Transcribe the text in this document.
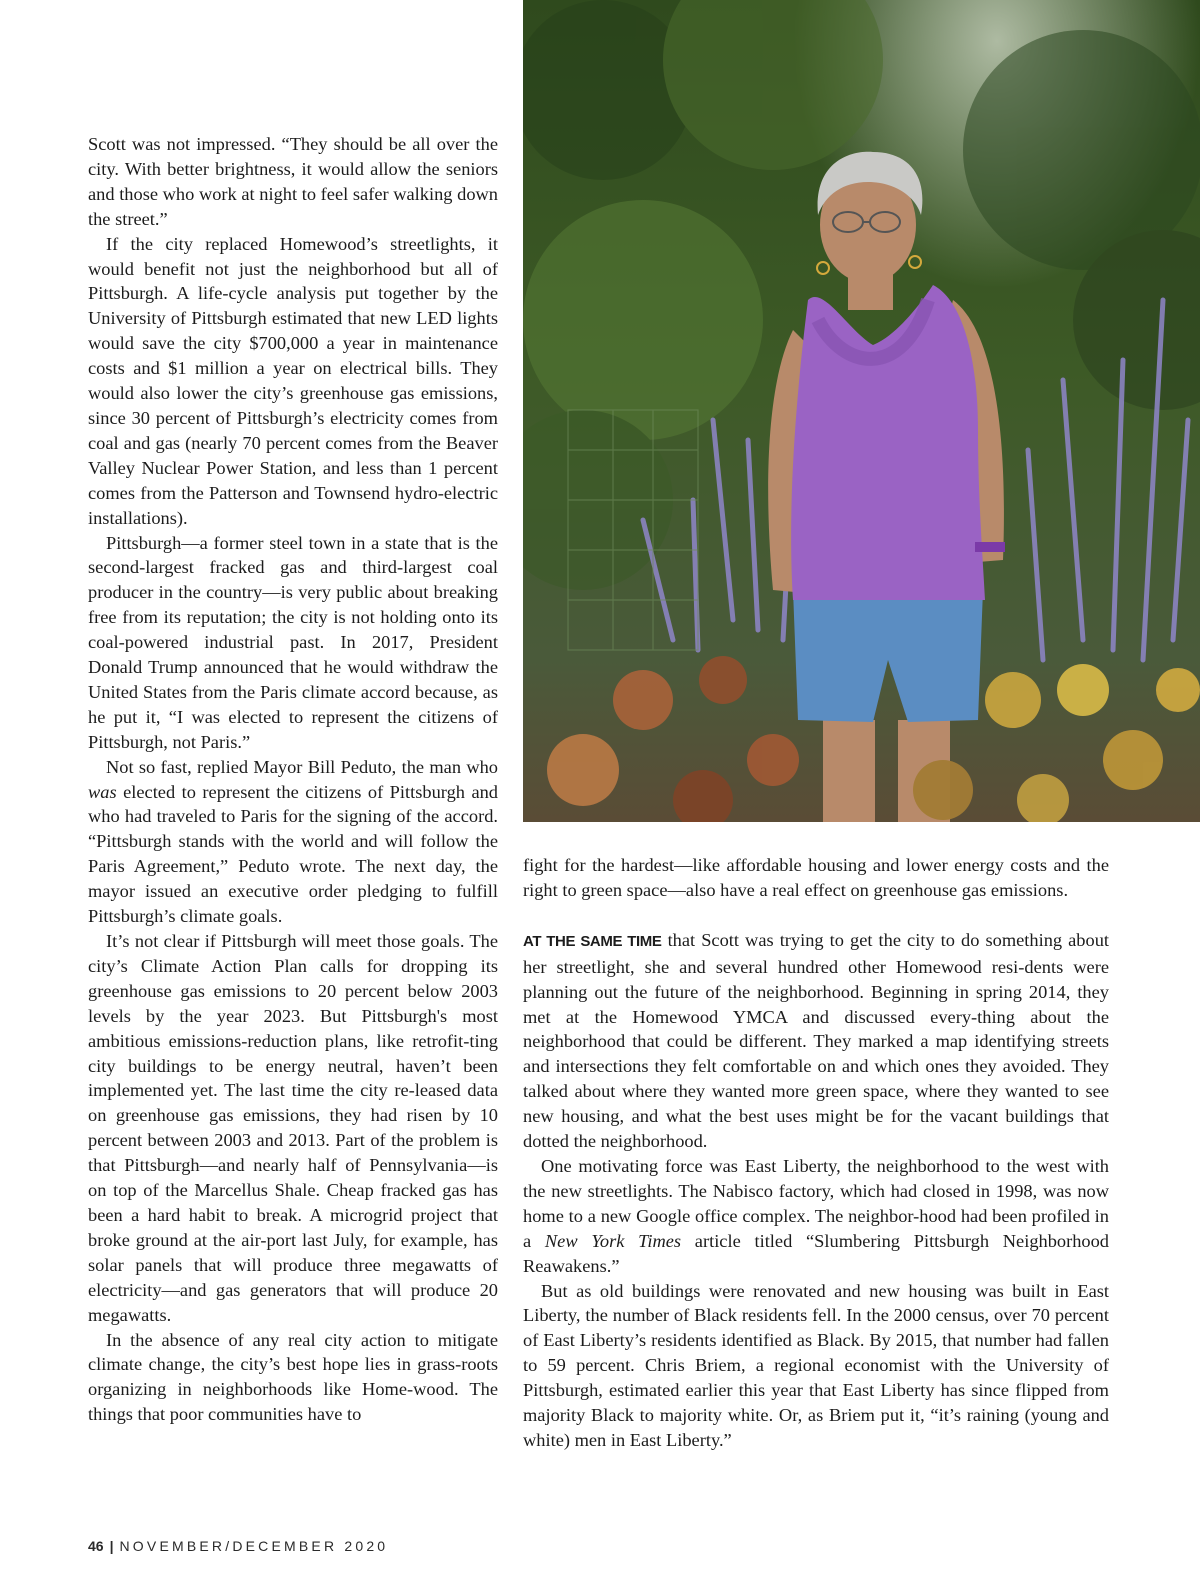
Scott was not impressed. “They should be all over the city. With better brightness, it would allow the seniors and those who work at night to feel safer walking down the street.”

If the city replaced Homewood’s streetlights, it would benefit not just the neighborhood but all of Pittsburgh. A life-cycle analysis put together by the University of Pittsburgh estimated that new LED lights would save the city $700,000 a year in maintenance costs and $1 million a year on electrical bills. They would also lower the city’s greenhouse gas emissions, since 30 percent of Pittsburgh’s electricity comes from coal and gas (nearly 70 percent comes from the Beaver Valley Nuclear Power Station, and less than 1 percent comes from the Patterson and Townsend hydro-electric installations).

Pittsburgh—a former steel town in a state that is the second-largest fracked gas and third-largest coal producer in the country—is very public about breaking free from its reputation; the city is not holding onto its coal-powered industrial past. In 2017, President Donald Trump announced that he would withdraw the United States from the Paris climate accord because, as he put it, “I was elected to represent the citizens of Pittsburgh, not Paris.”

Not so fast, replied Mayor Bill Peduto, the man who was elected to represent the citizens of Pittsburgh and who had traveled to Paris for the signing of the accord. “Pittsburgh stands with the world and will follow the Paris Agreement,” Peduto wrote. The next day, the mayor issued an executive order pledging to fulfill Pittsburgh’s climate goals.

It’s not clear if Pittsburgh will meet those goals. The city’s Climate Action Plan calls for dropping its greenhouse gas emissions to 20 percent below 2003 levels by the year 2023. But Pittsburgh's most ambitious emissions-reduction plans, like retrofit-ting city buildings to be energy neutral, haven’t been implemented yet. The last time the city re-leased data on greenhouse gas emissions, they had risen by 10 percent between 2003 and 2013. Part of the problem is that Pittsburgh—and nearly half of Pennsylvania—is on top of the Marcellus Shale. Cheap fracked gas has been a hard habit to break. A microgrid project that broke ground at the air-port last July, for example, has solar panels that will produce three megawatts of electricity—and gas generators that will produce 20 megawatts.

In the absence of any real city action to mitigate climate change, the city’s best hope lies in grass-roots organizing in neighborhoods like Home-wood. The things that poor communities have to

fight for the hardest—like affordable housing and lower energy costs and the right to green space—also have a real effect on greenhouse gas emissions.

AT THE SAME TIME that Scott was trying to get the city to do something about her streetlight, she and several hundred other Homewood resi-dents were planning out the future of the neighborhood. Beginning in spring 2014, they met at the Homewood YMCA and discussed every-thing about the neighborhood that could be different. They marked a map identifying streets and intersections they felt comfortable on and which ones they avoided. They talked about where they wanted more green space, where they wanted to see new housing, and what the best uses might be for the vacant buildings that dotted the neighborhood.

One motivating force was East Liberty, the neighborhood to the west with the new streetlights. The Nabisco factory, which had closed in 1998, was now home to a new Google office complex. The neighbor-hood had been profiled in a New York Times article titled “Slumbering Pittsburgh Neighborhood Reawakens.”

But as old buildings were renovated and new housing was built in East Liberty, the number of Black residents fell. In the 2000 census, over 70 percent of East Liberty’s residents identified as Black. By 2015, that number had fallen to 59 percent. Chris Briem, a regional economist with the University of Pittsburgh, estimated earlier this year that East Liberty has since flipped from majority Black to majority white. Or, as Briem put it, “it’s raining (young and white) men in East Liberty.”

46 | NOVEMBER/DECEMBER 2020
